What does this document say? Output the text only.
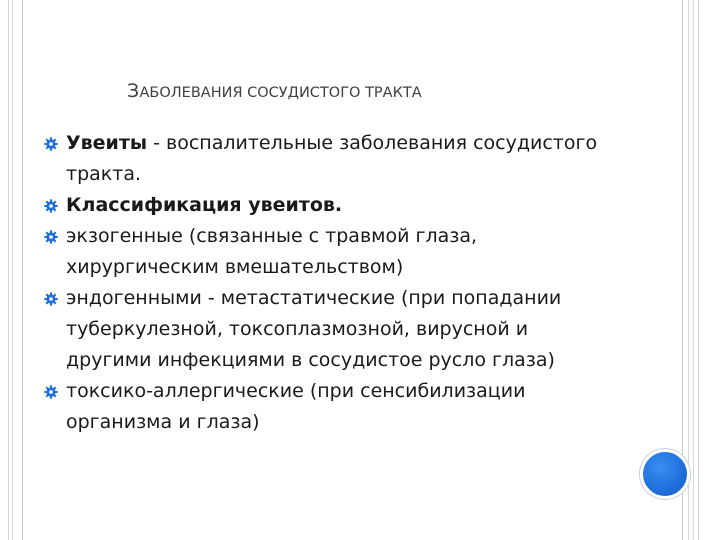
ЗАБОЛЕВАНИЯ СОСУДИСТОГО ТРАКТА
Увеиты - воспалительные заболевания сосудистого тракта.
Классификация увеитов.
экзогенные (связанные с травмой глаза, хирургическим вмешательством)
эндогенными - метастатические (при попадании туберкулезной, токсоплазмозной, вирусной и другими инфекциями в сосудистое русло глаза)
токсико-аллергические (при сенсибилизации организма и глаза)
